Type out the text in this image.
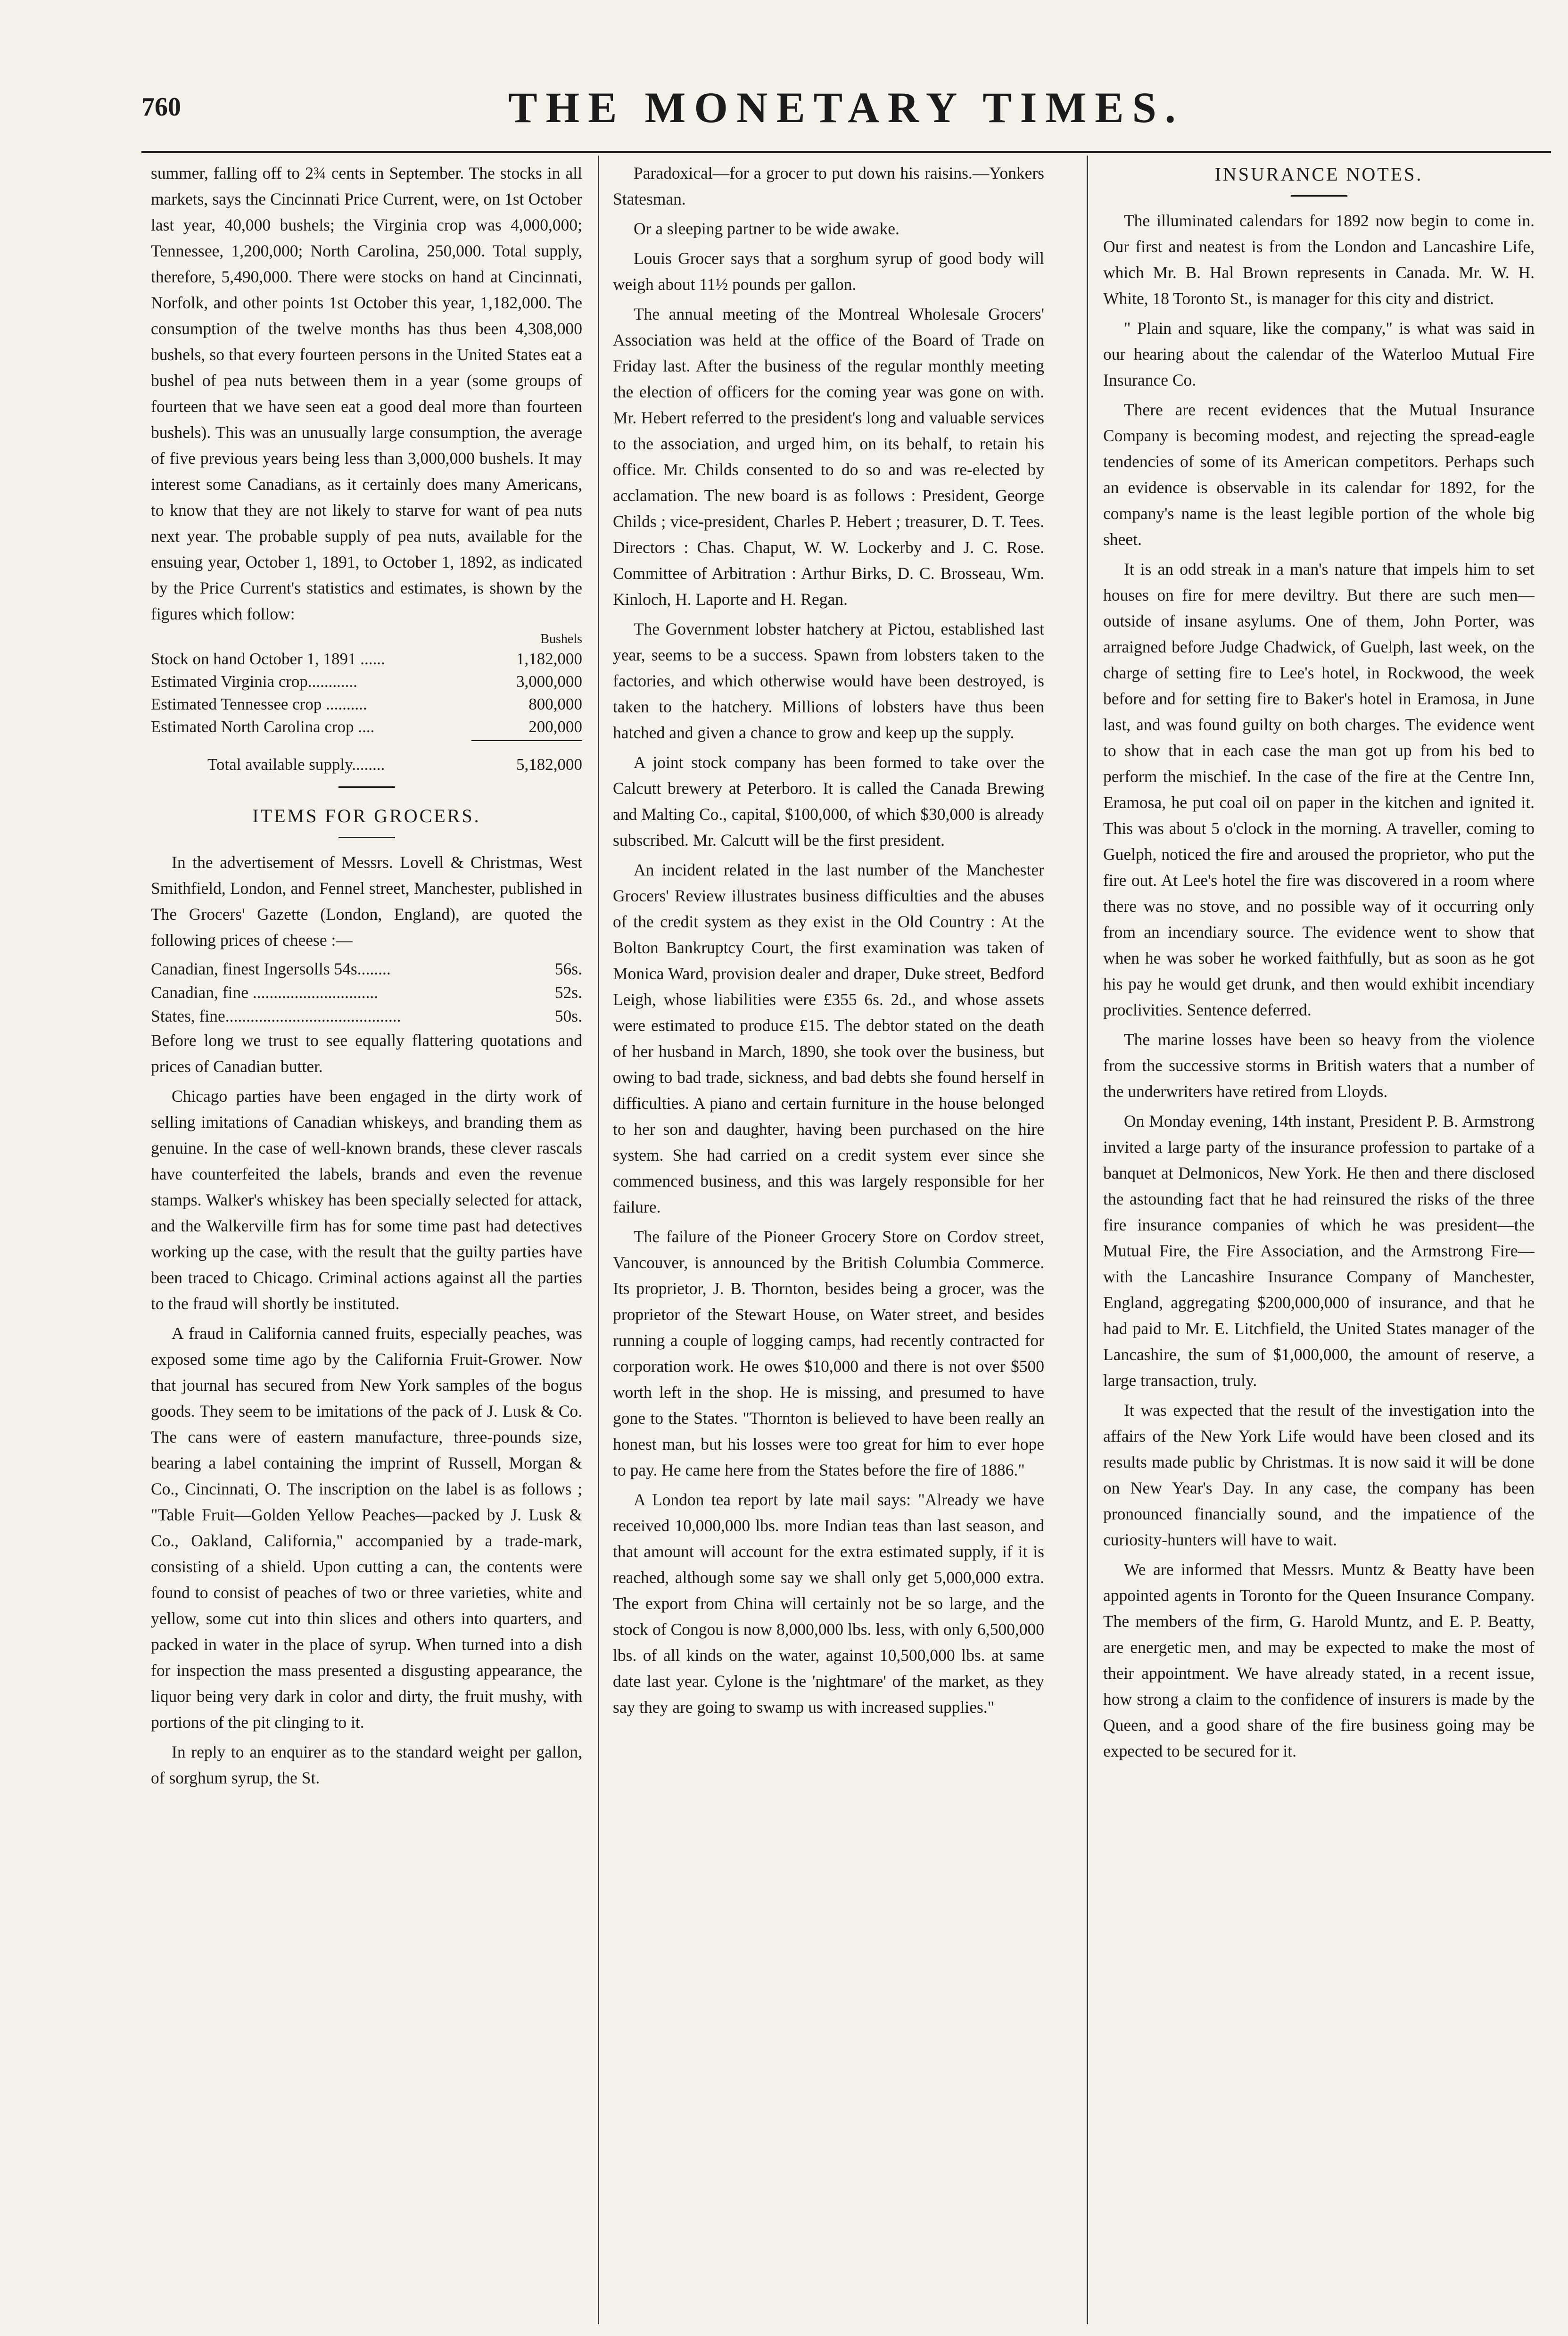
760	THE MONETARY TIMES.

summer, falling off to 2¾ cents in September. The stocks in all markets, says the Cincinnati Price Current, were, on 1st October last year, 40,000 bushels; the Virginia crop was 4,000,000; Tennessee, 1,200,000; North Carolina, 250,000. Total supply, therefore, 5,490,000. There were stocks on hand at Cincinnati, Norfolk, and other points 1st October this year, 1,182,000. The consumption of the twelve months has thus been 4,308,000 bushels, so that every fourteen persons in the United States eat a bushel of pea nuts between them in a year (some groups of fourteen that we have seen eat a good deal more than fourteen bushels). This was an unusually large consumption, the average of five previous years being less than 3,000,000 bushels. It may interest some Canadians, as it certainly does many Americans, to know that they are not likely to starve for want of pea nuts next year. The probable supply of pea nuts, available for the ensuing year, October 1, 1891, to October 1, 1892, as indicated by the Price Current's statistics and estimates, is shown by the figures which follow:

Bushels
Stock on hand October 1, 1891 ......	1,182,000
Estimated Virginia crop............	3,000,000
Estimated Tennessee crop ..........	800,000
Estimated North Carolina crop ....	200,000
Total available supply........	5,182,000
ITEMS FOR GROCERS.

In the advertisement of Messrs. Lovell & Christmas, West Smithfield, London, and Fennel street, Manchester, published in The Grocers' Gazette (London, England), are quoted the following prices of cheese :—

Canadian, finest Ingersolls 54s........	56s.
Canadian, fine ..............................	52s.
States, fine..........................................	50s.

Before long we trust to see equally flattering quotations and prices of Canadian butter.

Chicago parties have been engaged in the dirty work of selling imitations of Canadian whiskeys, and branding them as genuine. In the case of well-known brands, these clever rascals have counterfeited the labels, brands and even the revenue stamps. Walker's whiskey has been specially selected for attack, and the Walkerville firm has for some time past had detectives working up the case, with the result that the guilty parties have been traced to Chicago. Criminal actions against all the parties to the fraud will shortly be instituted.

A fraud in California canned fruits, especially peaches, was exposed some time ago by the California Fruit-Grower. Now that journal has secured from New York samples of the bogus goods. They seem to be imitations of the pack of J. Lusk & Co. The cans were of eastern manufacture, three-pounds size, bearing a label containing the imprint of Russell, Morgan & Co., Cincinnati, O. The inscription on the label is as follows ; "Table Fruit—Golden Yellow Peaches—packed by J. Lusk & Co., Oakland, California," accompanied by a trade-mark, consisting of a shield. Upon cutting a can, the contents were found to consist of peaches of two or three varieties, white and yellow, some cut into thin slices and others into quarters, and packed in water in the place of syrup. When turned into a dish for inspection the mass presented a disgusting appearance, the liquor being very dark in color and dirty, the fruit mushy, with portions of the pit clinging to it.

In reply to an enquirer as to the standard weight per gallon, of sorghum syrup, the St.

Paradoxical—for a grocer to put down his raisins.—Yonkers Statesman.

Or a sleeping partner to be wide awake.

Louis Grocer says that a sorghum syrup of good body will weigh about 11½ pounds per gallon.

The annual meeting of the Montreal Wholesale Grocers' Association was held at the office of the Board of Trade on Friday last. After the business of the regular monthly meeting the election of officers for the coming year was gone on with. Mr. Hebert referred to the president's long and valuable services to the association, and urged him, on its behalf, to retain his office. Mr. Childs consented to do so and was re-elected by acclamation. The new board is as follows : President, George Childs ; vice-president, Charles P. Hebert ; treasurer, D. T. Tees. Directors : Chas. Chaput, W. W. Lockerby and J. C. Rose. Committee of Arbitration : Arthur Birks, D. C. Brosseau, Wm. Kinloch, H. Laporte and H. Regan.

The Government lobster hatchery at Pictou, established last year, seems to be a success. Spawn from lobsters taken to the factories, and which otherwise would have been destroyed, is taken to the hatchery. Millions of lobsters have thus been hatched and given a chance to grow and keep up the supply.

A joint stock company has been formed to take over the Calcutt brewery at Peterboro. It is called the Canada Brewing and Malting Co., capital, $100,000, of which $30,000 is already subscribed. Mr. Calcutt will be the first president.

An incident related in the last number of the Manchester Grocers' Review illustrates business difficulties and the abuses of the credit system as they exist in the Old Country : At the Bolton Bankruptcy Court, the first examination was taken of Monica Ward, provision dealer and draper, Duke street, Bedford Leigh, whose liabilities were £355 6s. 2d., and whose assets were estimated to produce £15. The debtor stated on the death of her husband in March, 1890, she took over the business, but owing to bad trade, sickness, and bad debts she found herself in difficulties. A piano and certain furniture in the house belonged to her son and daughter, having been purchased on the hire system. She had carried on a credit system ever since she commenced business, and this was largely responsible for her failure.

The failure of the Pioneer Grocery Store on Cordov street, Vancouver, is announced by the British Columbia Commerce. Its proprietor, J. B. Thornton, besides being a grocer, was the proprietor of the Stewart House, on Water street, and besides running a couple of logging camps, had recently contracted for corporation work. He owes $10,000 and there is not over $500 worth left in the shop. He is missing, and presumed to have gone to the States. "Thornton is believed to have been really an honest man, but his losses were too great for him to ever hope to pay. He came here from the States before the fire of 1886."

A London tea report by late mail says: "Already we have received 10,000,000 lbs. more Indian teas than last season, and that amount will account for the extra estimated supply, if it is reached, although some say we shall only get 5,000,000 extra. The export from China will certainly not be so large, and the stock of Congou is now 8,000,000 lbs. less, with only 6,500,000 lbs. of all kinds on the water, against 10,500,000 lbs. at same date last year. Cylone is the 'nightmare' of the market, as they say they are going to swamp us with increased supplies."

INSURANCE NOTES.

The illuminated calendars for 1892 now begin to come in. Our first and neatest is from the London and Lancashire Life, which Mr. B. Hal Brown represents in Canada. Mr. W. H. White, 18 Toronto St., is manager for this city and district.

" Plain and square, like the company," is what was said in our hearing about the calendar of the Waterloo Mutual Fire Insurance Co.

There are recent evidences that the Mutual Insurance Company is becoming modest, and rejecting the spread-eagle tendencies of some of its American competitors. Perhaps such an evidence is observable in its calendar for 1892, for the company's name is the least legible portion of the whole big sheet.

It is an odd streak in a man's nature that impels him to set houses on fire for mere deviltry. But there are such men—outside of insane asylums. One of them, John Porter, was arraigned before Judge Chadwick, of Guelph, last week, on the charge of setting fire to Lee's hotel, in Rockwood, the week before and for setting fire to Baker's hotel in Eramosa, in June last, and was found guilty on both charges. The evidence went to show that in each case the man got up from his bed to perform the mischief. In the case of the fire at the Centre Inn, Eramosa, he put coal oil on paper in the kitchen and ignited it. This was about 5 o'clock in the morning. A traveller, coming to Guelph, noticed the fire and aroused the proprietor, who put the fire out. At Lee's hotel the fire was discovered in a room where there was no stove, and no possible way of it occurring only from an incendiary source. The evidence went to show that when he was sober he worked faithfully, but as soon as he got his pay he would get drunk, and then would exhibit incendiary proclivities. Sentence deferred.

The marine losses have been so heavy from the violence from the successive storms in British waters that a number of the underwriters have retired from Lloyds.

On Monday evening, 14th instant, President P. B. Armstrong invited a large party of the insurance profession to partake of a banquet at Delmonicos, New York. He then and there disclosed the astounding fact that he had reinsured the risks of the three fire insurance companies of which he was president—the Mutual Fire, the Fire Association, and the Armstrong Fire—with the Lancashire Insurance Company of Manchester, England, aggregating $200,000,000 of insurance, and that he had paid to Mr. E. Litchfield, the United States manager of the Lancashire, the sum of $1,000,000, the amount of reserve, a large transaction, truly.

It was expected that the result of the investigation into the affairs of the New York Life would have been closed and its results made public by Christmas. It is now said it will be done on New Year's Day. In any case, the company has been pronounced financially sound, and the impatience of the curiosity-hunters will have to wait.

We are informed that Messrs. Muntz & Beatty have been appointed agents in Toronto for the Queen Insurance Company. The members of the firm, G. Harold Muntz, and E. P. Beatty, are energetic men, and may be expected to make the most of their appointment. We have already stated, in a recent issue, how strong a claim to the confidence of insurers is made by the Queen, and a good share of the fire business going may be expected to be secured for it.
